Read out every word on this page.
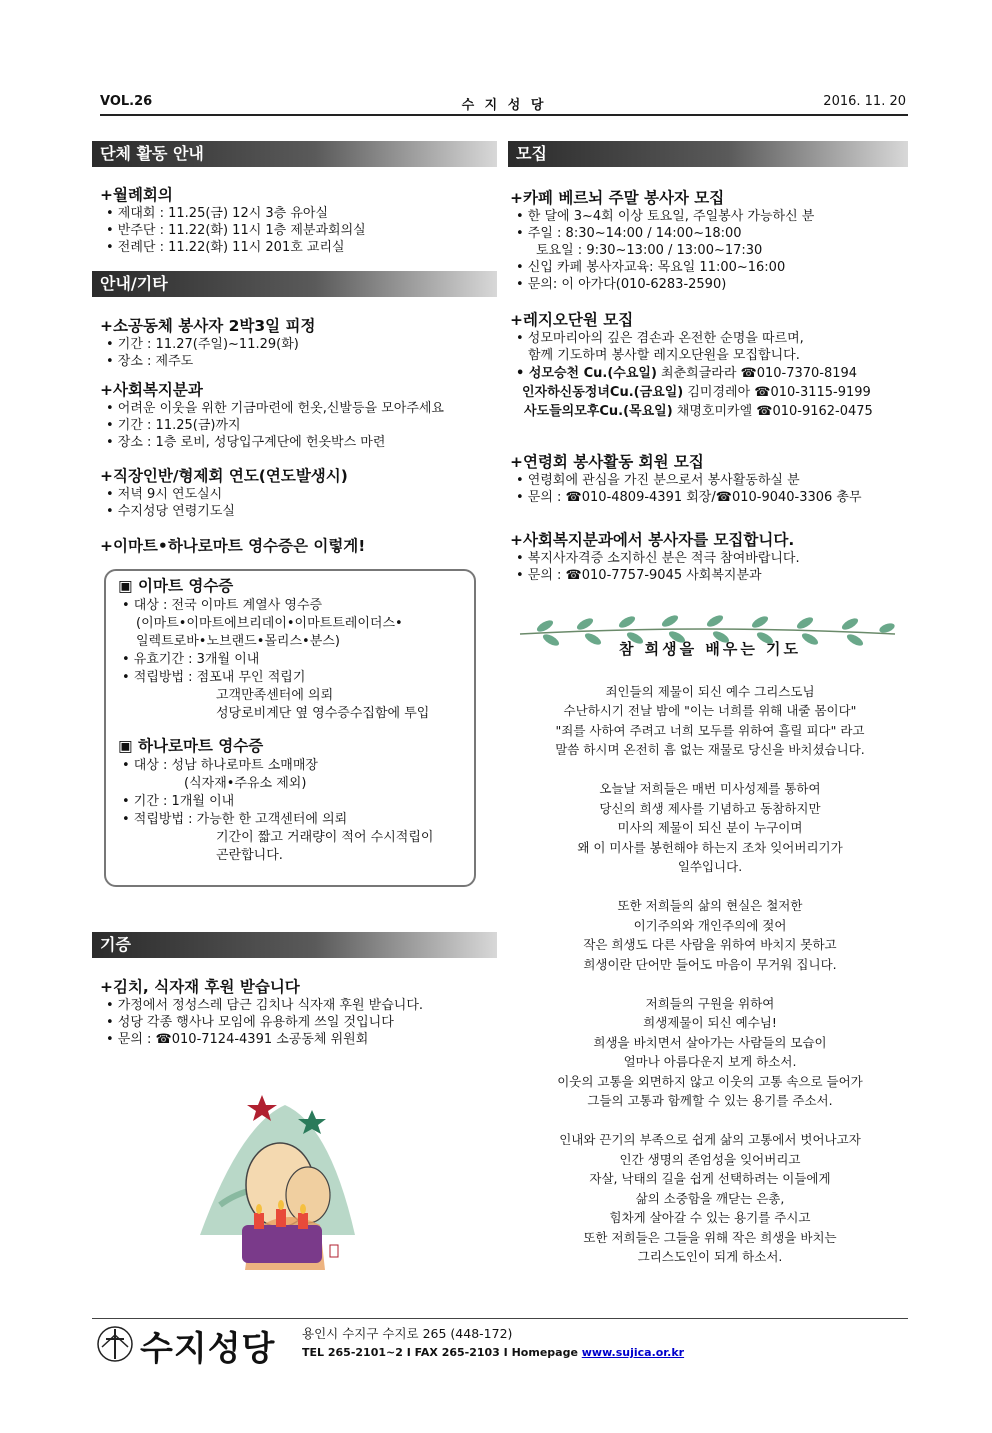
VOL.26	수 지 성 당	2016. 11. 20
단체 활동 안내
+월례회의
• 제대회 : 11.25(금) 12시 3층 유아실
• 반주단 : 11.22(화) 11시 1층 제분과회의실
• 전례단 : 11.22(화) 11시 201호 교리실
안내/기타
+소공동체 봉사자 2박3일 피정
• 기간 : 11.27(주일)~11.29(화)
• 장소 : 제주도
+사회복지분과
• 어려운 이웃을 위한 기금마련에 헌옷,신발등을 모아주세요
• 기간 : 11.25(금)까지
• 장소 : 1층 로비, 성당입구계단에 헌옷박스 마련
+직장인반/형제회 연도(연도발생시)
• 저녁 9시 연도실시
• 수지성당 연령기도실
+이마트•하나로마트 영수증은 이렇게!
▣ 이마트 영수증
• 대상 : 전국 이마트 계열사 영수증
(이마트•이마트에브리데이•이마트트레이더스•
일렉트로바•노브랜드•몰리스•분스)
• 유효기간 : 3개월 이내
• 적립방법 : 점포내 무인 적립기
고객만족센터에 의뢰
성당로비계단 옆 영수증수집함에 투입
▣ 하나로마트 영수증
• 대상 : 성남 하나로마트 소매매장
(식자재•주유소 제외)
• 기간 : 1개월 이내
• 적립방법 : 가능한 한 고객센터에 의뢰
기간이 짧고 거래량이 적어 수시적립이
곤란합니다.
기증
+김치, 식자재 후원 받습니다
• 가정에서 정성스레 담근 김치나 식자재 후원 받습니다.
• 성당 각종 행사나 모임에 유용하게 쓰일 것입니다
• 문의 : ☎010-7124-4391 소공동체 위원회
모집
+카페 베르뇌 주말 봉사자 모집
• 한 달에 3~4회 이상 토요일, 주일봉사 가능하신 분
• 주일 : 8:30~14:00 / 14:00~18:00
토요일 : 9:30~13:00 / 13:00~17:30
• 신입 카페 봉사자교육: 목요일 11:00~16:00
• 문의: 이 아가다(010-6283-2590)
+레지오단원 모집
• 성모마리아의 깊은 겸손과 온전한 순명을 따르며,
함께 기도하며 봉사할 레지오단원을 모집합니다.
• 성모승천 Cu.(수요일) 최춘희글라라 ☎010-7370-8194
인자하신동정녀Cu.(금요일) 김미경레아 ☎010-3115-9199
사도들의모후Cu.(목요일) 채명호미카엘 ☎010-9162-0475
+연령회 봉사활동 회원 모집
• 연령회에 관심을 가진 분으로서 봉사활동하실 분
• 문의 : ☎010-4809-4391 회장/☎010-9040-3306 총무
+사회복지분과에서 봉사자를 모집합니다.
• 복지사자격증 소지하신 분은 적극 참여바랍니다.
• 문의 : ☎010-7757-9045 사회복지분과
참 희생을 배우는 기도
죄인들의 제물이 되신 예수 그리스도님
수난하시기 전날 밤에 "이는 너희를 위해 내줄 몸이다"
"죄를 사하여 주려고 너희 모두를 위하여 흘릴 피다" 라고
말씀 하시며 온전히 흠 없는 재물로 당신을 바치셨습니다.
오늘날 저희들은 매번 미사성제를 통하여
당신의 희생 제사를 기념하고 동참하지만
미사의 제물이 되신 분이 누구이며
왜 이 미사를 봉헌해야 하는지 조차 잊어버리기가
일쑤입니다.
또한 저희들의 삶의 현실은 철저한
이기주의와 개인주의에 젖어
작은 희생도 다른 사람을 위하여 바치지 못하고
희생이란 단어만 들어도 마음이 무거워 집니다.
저희들의 구원을 위하여
희생제물이 되신 예수님!
희생을 바치면서 살아가는 사람들의 모습이
얼마나 아름다운지 보게 하소서.
이웃의 고통을 외면하지 않고 이웃의 고통 속으로 들어가
그들의 고통과 함께할 수 있는 용기를 주소서.
인내와 끈기의 부족으로 쉽게 삶의 고통에서 벗어나고자
인간 생명의 존엄성을 잊어버리고
자살, 낙태의 길을 쉽게 선택하려는 이들에게
삶의 소중함을 깨닫는 은총,
힘차게 살아갈 수 있는 용기를 주시고
또한 저희들은 그들을 위해 작은 희생을 바치는
그리스도인이 되게 하소서.
수지성당 용인시 수지구 수지로 265 (448-172)
TEL 265-2101~2 I FAX 265-2103 I Homepage www.sujica.or.kr
